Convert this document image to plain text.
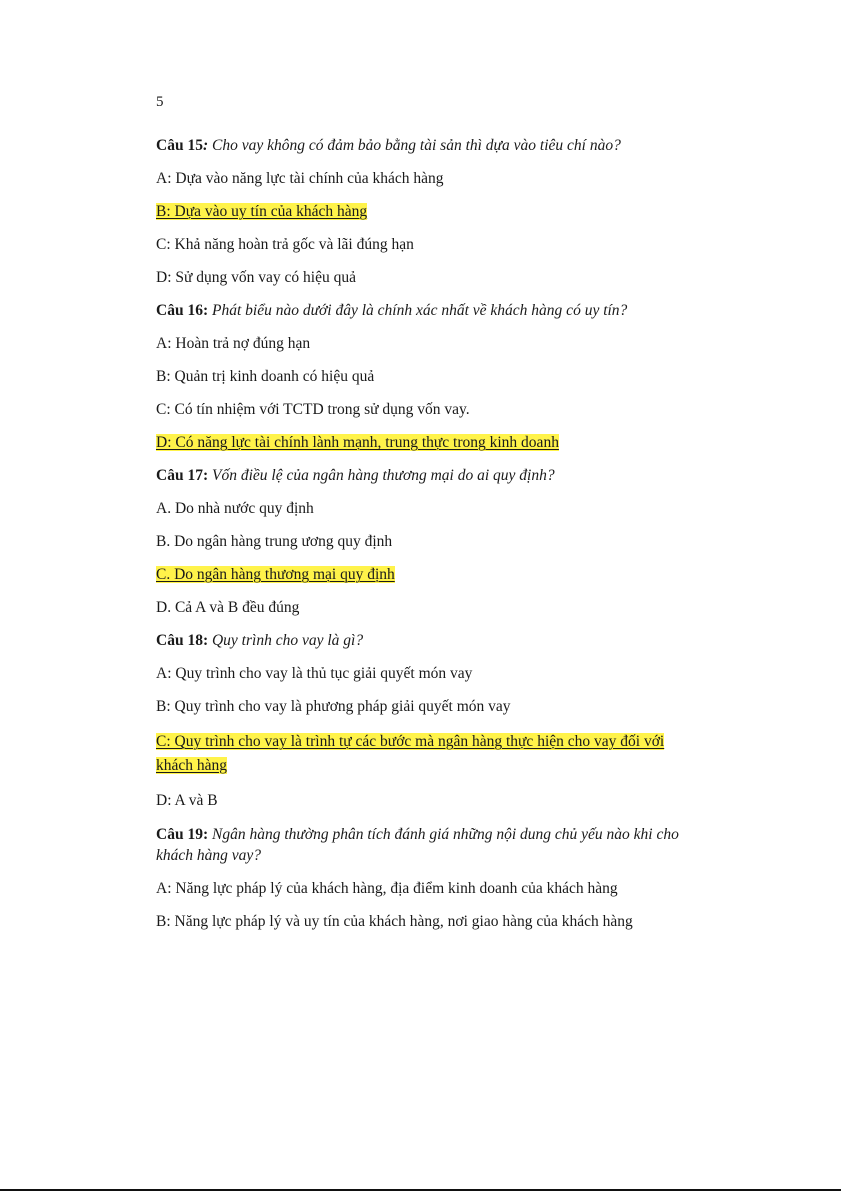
5

Câu 15: Cho vay không có đảm bảo bằng tài sản thì dựa vào tiêu chí nào?

A: Dựa vào năng lực tài chính của khách hàng

B: Dựa vào uy tín của khách hàng

C: Khả năng hoàn trả gốc và lãi đúng hạn

D: Sử dụng vốn vay có hiệu quả

Câu 16: Phát biểu nào dưới đây là chính xác nhất về khách hàng có uy tín?

A: Hoàn trả nợ đúng hạn

B: Quản trị kinh doanh có hiệu quả

C: Có tín nhiệm với TCTD trong sử dụng vốn vay.

D: Có năng lực tài chính lành mạnh, trung thực trong kinh doanh

Câu 17: Vốn điều lệ của ngân hàng thương mại do ai quy định?

A. Do nhà nước quy định

B. Do ngân hàng trung ương quy định

C. Do ngân hàng thương mại quy định

D. Cả A và B đều đúng

Câu 18: Quy trình cho vay là gì?

A: Quy trình cho vay là thủ tục giải quyết món vay

B: Quy trình cho vay là phương pháp giải quyết món vay

C: Quy trình cho vay là trình tự các bước mà ngân hàng thực hiện cho vay đối với khách hàng

D: A và B

Câu 19: Ngân hàng thường phân tích đánh giá những nội dung chủ yếu nào khi cho khách hàng vay?

A: Năng lực pháp lý của khách hàng, địa điểm kinh doanh của khách hàng

B: Năng lực pháp lý và uy tín của khách hàng, nơi giao hàng của khách hàng
